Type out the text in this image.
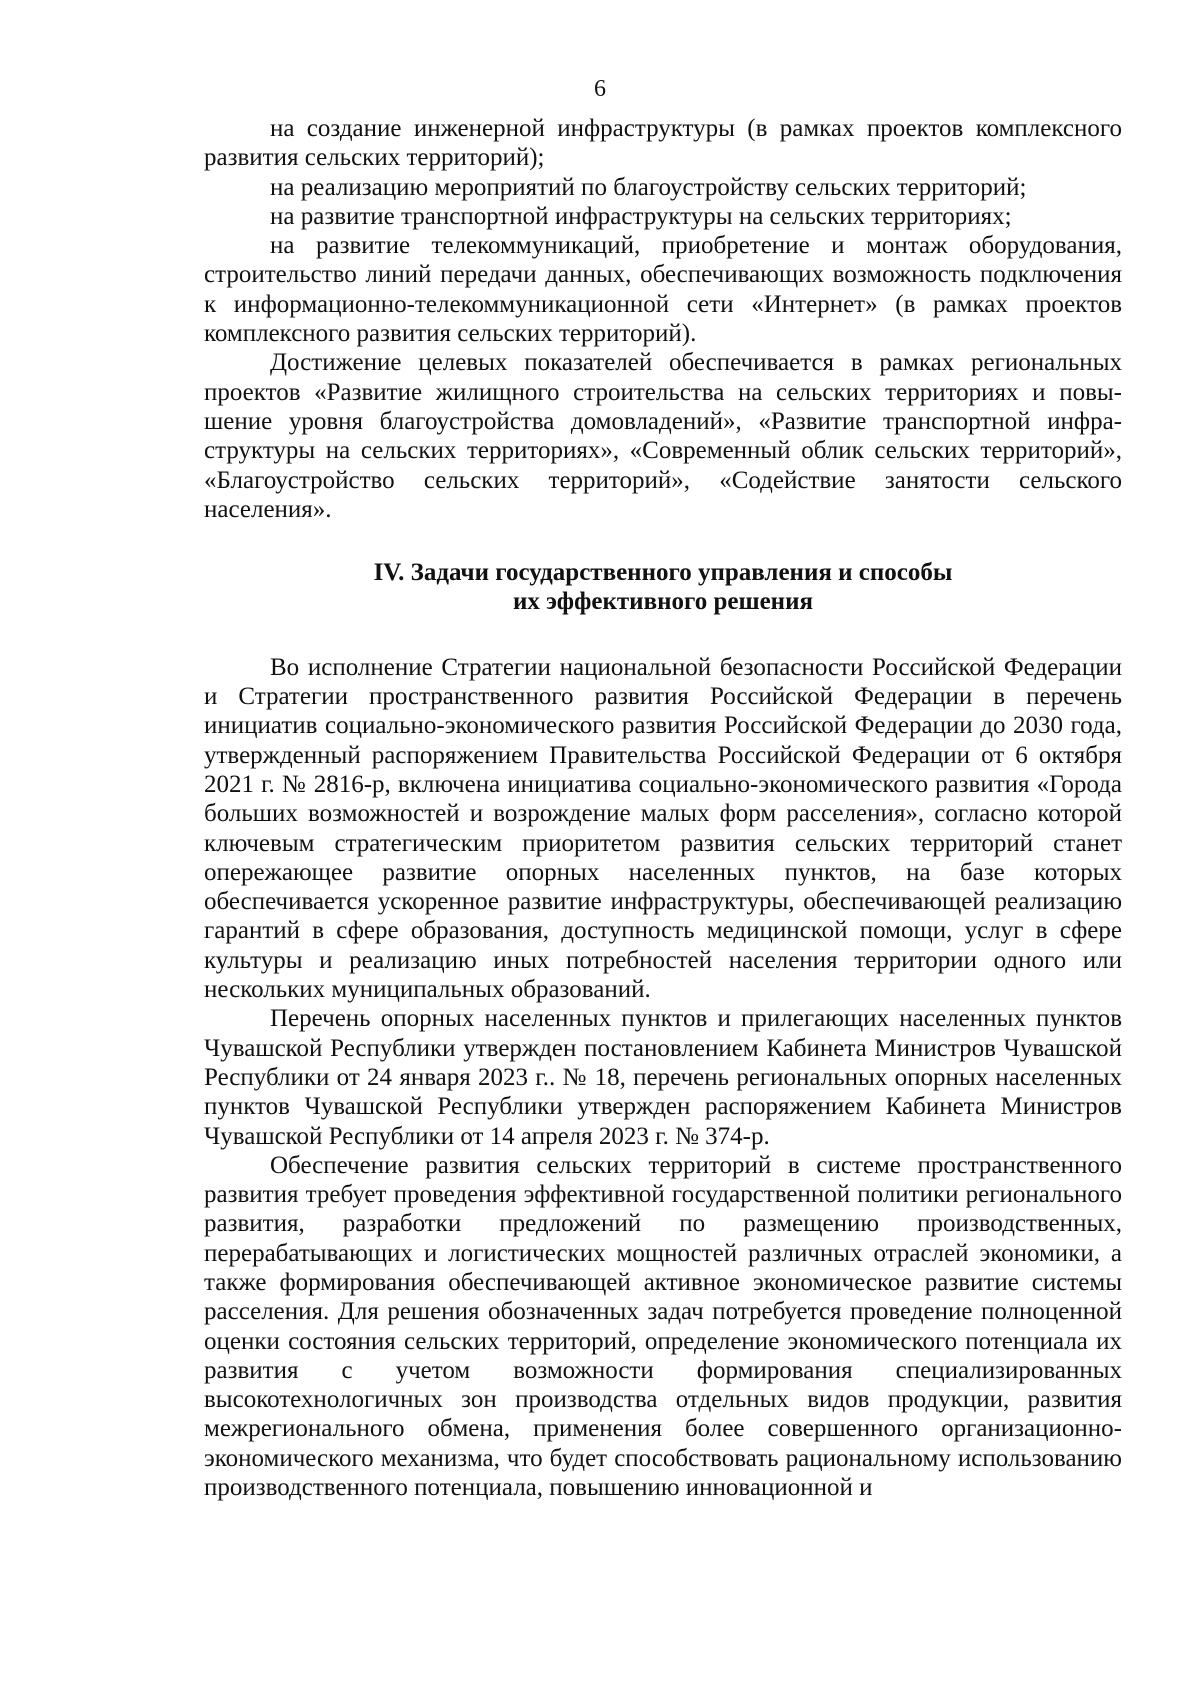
6

на создание инженерной инфраструктуры (в рамках проектов комплексного развития сельских территорий);

на реализацию мероприятий по благоустройству сельских территорий;

на развитие транспортной инфраструктуры на сельских территориях;

на развитие телекоммуникаций, приобретение и монтаж оборудования, строительство линий передачи данных, обеспечивающих возможность подключения к информационно-телекоммуникационной сети «Интернет» (в рамках проектов комплексного развития сельских территорий).

Достижение целевых показателей обеспечивается в рамках региональных проектов «Развитие жилищного строительства на сельских территориях и повышение уровня благоустройства домовладений», «Развитие транспортной инфраструктуры на сельских территориях», «Современный облик сельских территорий», «Благоустройство сельских территорий», «Содействие занятости сельского населения».

IV. Задачи государственного управления и способы
их эффективного решения

Во исполнение Стратегии национальной безопасности Российской Федерации и Стратегии пространственного развития Российской Федерации в перечень инициатив социально-экономического развития Российской Федерации до 2030 года, утвержденный распоряжением Правительства Российской Федерации от 6 октября 2021 г. № 2816-р, включена инициатива социально-экономического развития «Города больших возможностей и возрождение малых форм расселения», согласно которой ключевым стратегическим приоритетом развития сельских территорий станет опережающее развитие опорных населенных пунктов, на базе которых обеспечивается ускоренное развитие инфраструктуры, обеспечивающей реализацию гарантий в сфере образования, доступность медицинской помощи, услуг в сфере культуры и реализацию иных потребностей населения территории одного или нескольких муниципальных образований.

Перечень опорных населенных пунктов и прилегающих населенных пунктов Чувашской Республики утвержден постановлением Кабинета Министров Чувашской Республики от 24 января 2023 г.. № 18, перечень региональных опорных населенных пунктов Чувашской Республики утвержден распоряжением Кабинета Министров Чувашской Республики от 14 апреля 2023 г. № 374-р.

Обеспечение развития сельских территорий в системе пространственного развития требует проведения эффективной государственной политики регионального развития, разработки предложений по размещению производственных, перерабатывающих и логистических мощностей различных отраслей экономики, а также формирования обеспечивающей активное экономическое развитие системы расселения. Для решения обозначенных задач потребуется проведение полноценной оценки состояния сельских территорий, определение экономического потенциала их развития с учетом возможности формирования специализированных высокотехнологичных зон производства отдельных видов продукции, развития межрегионального обмена, применения более совершенного организационно-экономического механизма, что будет способствовать рациональному использованию производственного потенциала, повышению инновационной и
